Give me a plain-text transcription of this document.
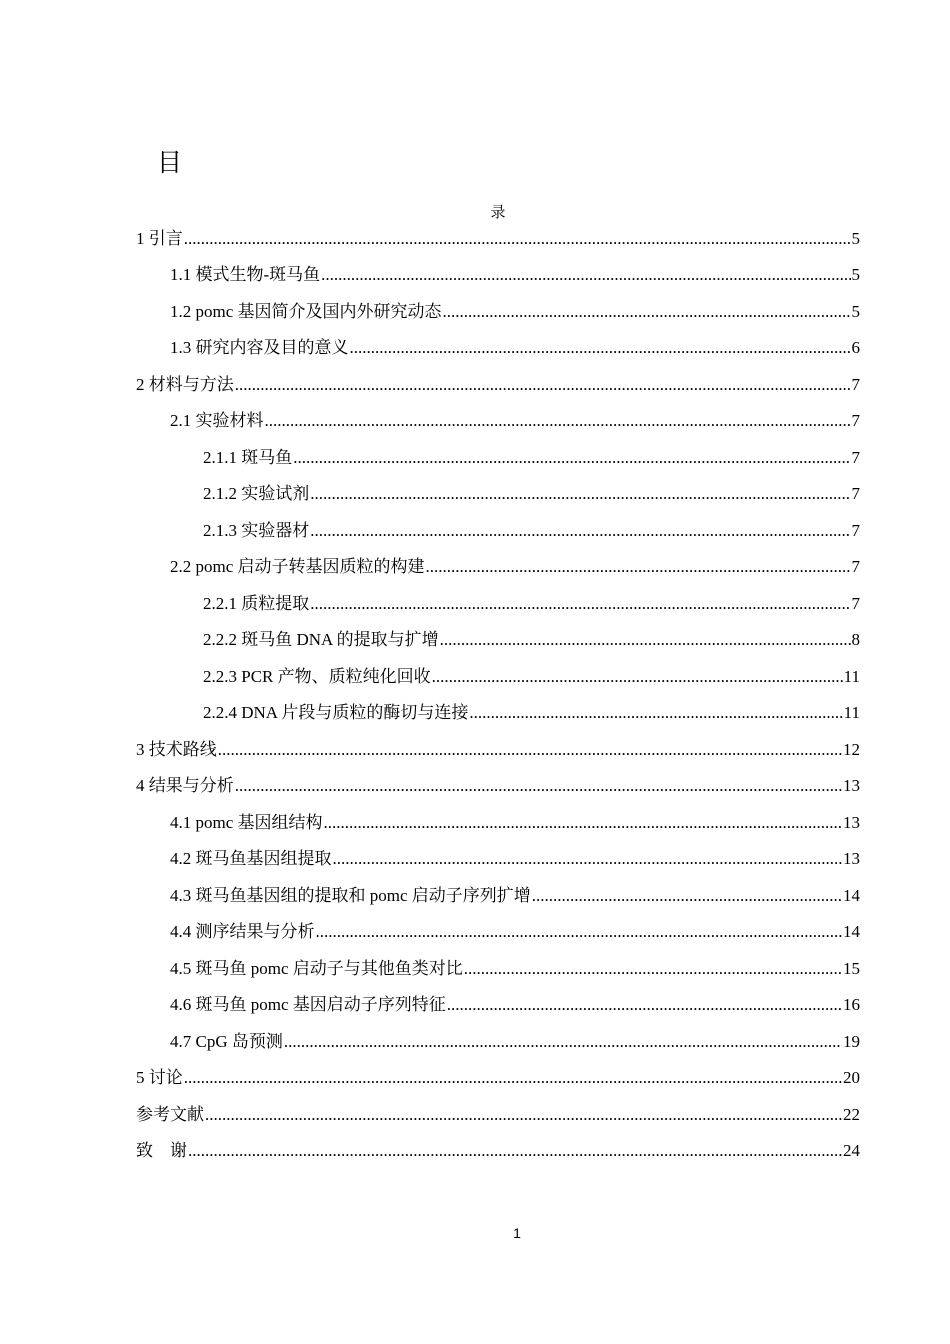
目
录
1 引言 .....	5
1.1 模式生物-斑马鱼 .....	5
1.2 pomc 基因简介及国内外研究动态 .....	5
1.3 研究内容及目的意义 .....	6
2 材料与方法 .....	7
2.1 实验材料 .....	7
2.1.1 斑马鱼 .....	7
2.1.2 实验试剂 .....	7
2.1.3 实验器材 .....	7
2.2 pomc 启动子转基因质粒的构建 .....	7
2.2.1 质粒提取 .....	7
2.2.2 斑马鱼 DNA 的提取与扩增 .....	8
2.2.3 PCR 产物、质粒纯化回收 .....	11
2.2.4 DNA 片段与质粒的酶切与连接 .....	11
3 技术路线 .....	12
4 结果与分析 .....	13
4.1 pomc 基因组结构 .....	13
4.2 斑马鱼基因组提取 .....	13
4.3 斑马鱼基因组的提取和 pomc 启动子序列扩增 .....	14
4.4 测序结果与分析 .....	14
4.5 斑马鱼 pomc 启动子与其他鱼类对比 .....	15
4.6 斑马鱼 pomc 基因启动子序列特征 .....	16
4.7 CpG 岛预测 .....	19
5 讨论 .....	20
参考文献 .....	22
致    谢 .....	24
1
